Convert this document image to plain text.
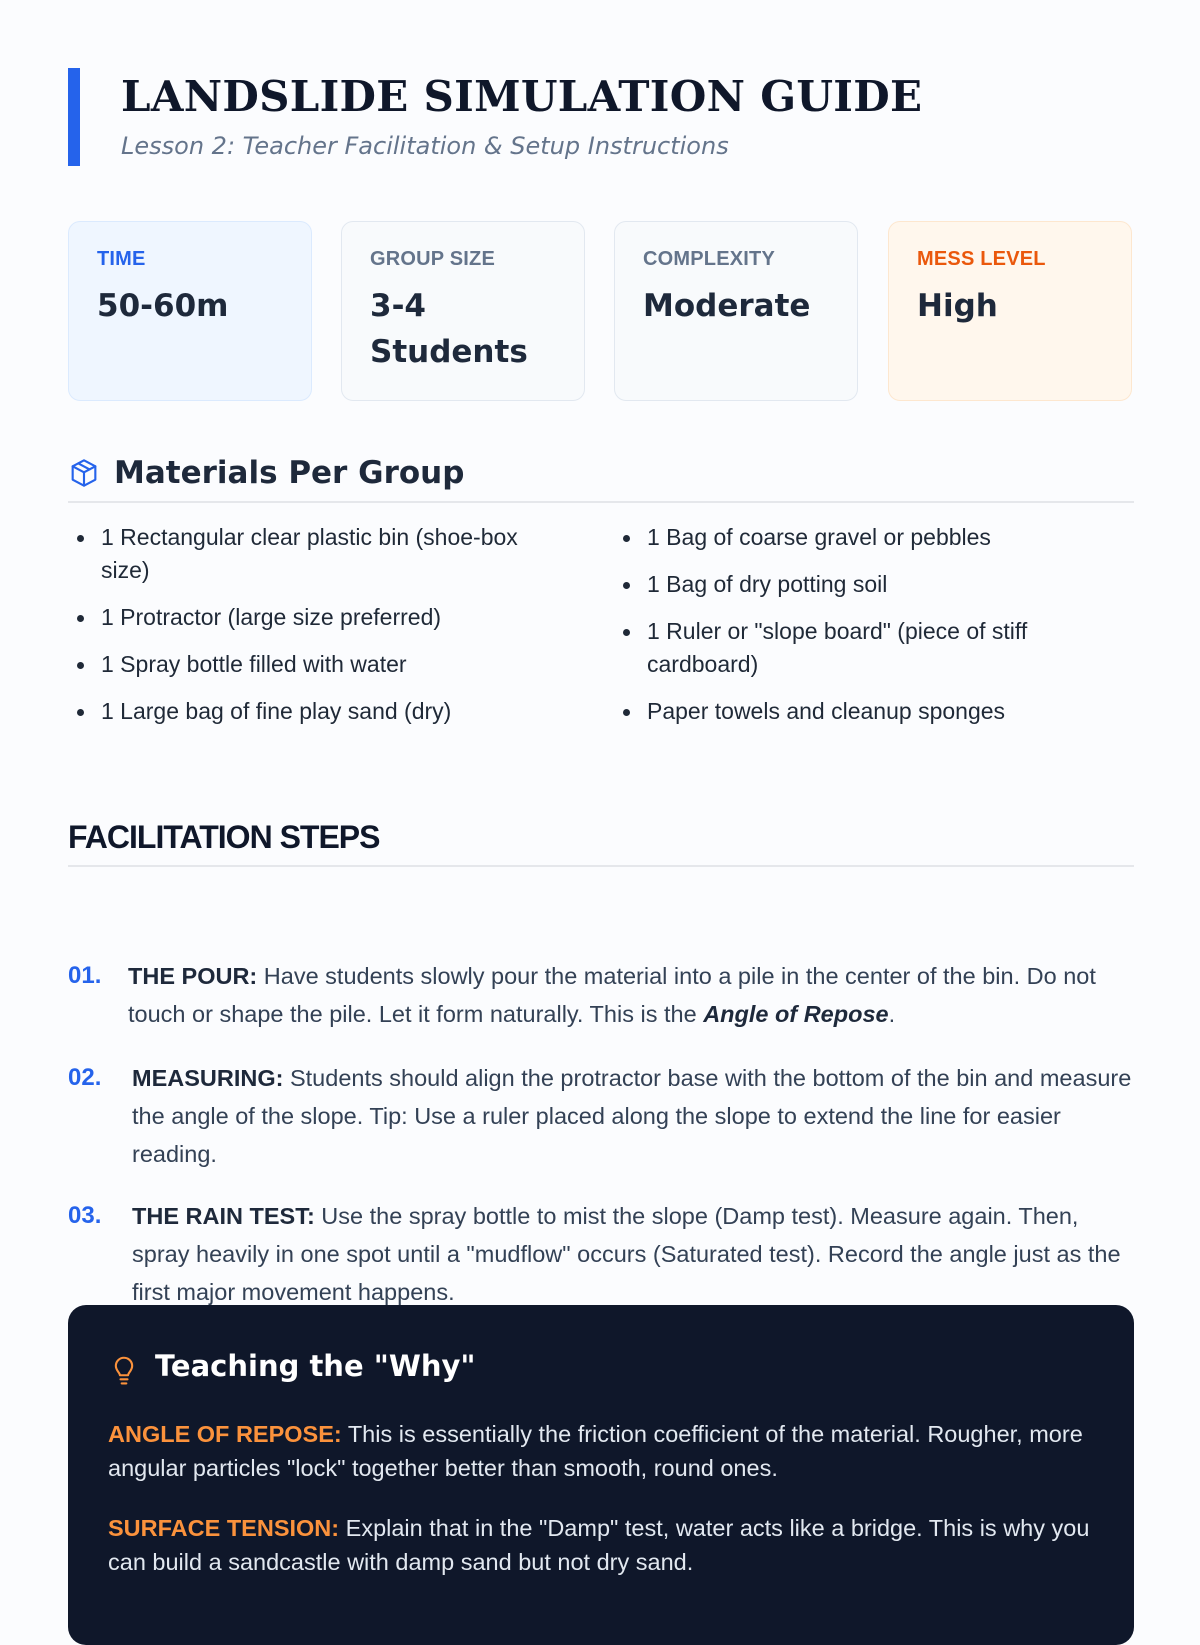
LANDSLIDE SIMULATION GUIDE

Lesson 2: Teacher Facilitation & Setup Instructions

TIME
50-60m
GROUP SIZE
3-4 Students
COMPLEXITY
Moderate
MESS LEVEL
High
Materials Per Group
1 Rectangular clear plastic bin (shoe-box size)
1 Protractor (large size preferred)
1 Spray bottle filled with water
1 Large bag of fine play sand (dry)
1 Bag of coarse gravel or pebbles
1 Bag of dry potting soil
1 Ruler or "slope board" (piece of stiff cardboard)
Paper towels and cleanup sponges
FACILITATION STEPS
01. THE POUR: Have students slowly pour the material into a pile in the center of the bin. Do not touch or shape the pile. Let it form naturally. This is the Angle of Repose.
02. MEASURING: Students should align the protractor base with the bottom of the bin and measure the angle of the slope. Tip: Use a ruler placed along the slope to extend the line for easier reading.
03. THE RAIN TEST: Use the spray bottle to mist the slope (Damp test). Measure again. Then, spray heavily in one spot until a "mudflow" occurs (Saturated test). Record the angle just as the first major movement happens.
Teaching the "Why"

ANGLE OF REPOSE: This is essentially the friction coefficient of the material. Rougher, more angular particles "lock" together better than smooth, round ones.

SURFACE TENSION: Explain that in the "Damp" test, water acts like a bridge. This is why you can build a sandcastle with damp sand but not dry sand.
